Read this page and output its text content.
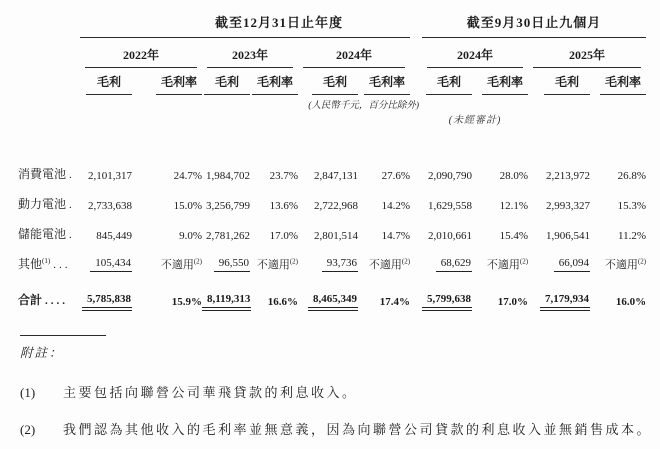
	截至12月31日止年度							截至9月30日止九個月			

	2022年		2023年		2024年			2024年		2025年	

	毛利	毛利率	毛利	毛利率	毛利	毛利率		毛利	毛利率	毛利	毛利率
(人民幣千元，百分比除外)											
								(未經審計)			

消費電池 .	2,101,317	24.7%	1,984,702	23.7%	2,847,131	27.6%		2,090,790	28.0%	2,213,972	26.8%
動力電池 .	2,733,638	15.0%	3,256,799	13.6%	2,722,968	14.2%		1,629,558	12.1%	2,993,327	15.3%
儲能電池 .	845,449	9.0%	2,781,262	17.0%	2,801,514	14.7%		2,010,661	15.4%	1,906,541	11.2%
其他$^{(1)}$ ...	105,434	不適用$^{(2)}$	96,550	不適用$^{(2)}$	93,736	不適用$^{(2)}$		68,629	不適用$^{(2)}$	66,094	不適用$^{(2)}$
合計 ....	5,785,838	15.9%	8,119,313	16.6%	8,465,349	17.4%		5,799,638	17.0%	7,179,934	16.0%
附註：
(1)	主要包括向聯營公司華飛貸款的利息收入。
(2)	我們認為其他收入的毛利率並無意義，因為向聯營公司貸款的利息收入並無銷售成本。
